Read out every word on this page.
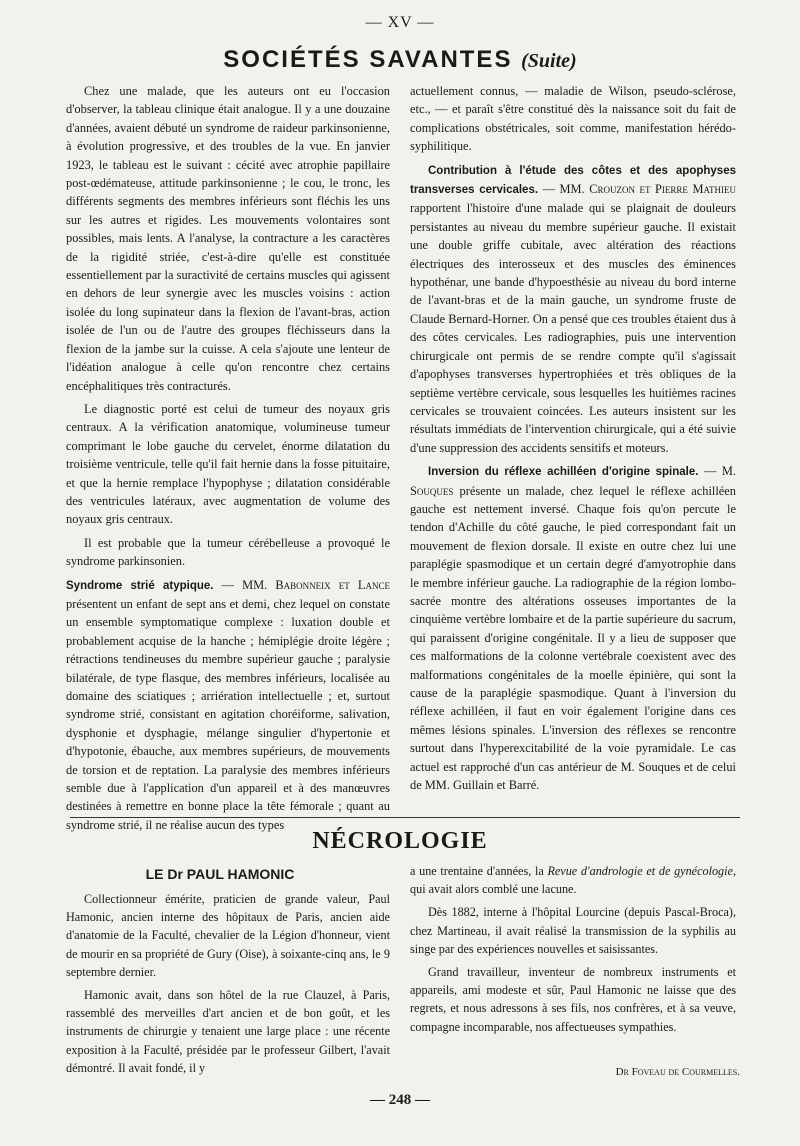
— XV —
SOCIÉTÉS SAVANTES (Suite)

Chez une malade, que les auteurs ont eu l'occasion d'observer, la tableau clinique était analogue. Il y a une douzaine d'années, avaient débuté un syndrome de raideur parkinsonienne, à évolution progressive, et des troubles de la vue. En janvier 1923, le tableau est le suivant : cécité avec atrophie papillaire post-œdémateuse, attitude parkinsonienne ; le cou, le tronc, les différents segments des membres inférieurs sont fléchis les uns sur les autres et rigides. Les mouvements volontaires sont possibles, mais lents. A l'analyse, la contracture a les caractères de la rigidité striée, c'est-à-dire qu'elle est constituée essentiellement par la suractivité de certains muscles qui agissent en dehors de leur synergie avec les muscles voisins : action isolée du long supinateur dans la flexion de l'avant-bras, action isolée de l'un ou de l'autre des groupes fléchisseurs dans la flexion de la jambe sur la cuisse. A cela s'ajoute une lenteur de l'idéation analogue à celle qu'on rencontre chez certains encéphalitiques très contracturés.

Le diagnostic porté est celui de tumeur des noyaux gris centraux. A la vérification anatomique, volumineuse tumeur comprimant le lobe gauche du cervelet, énorme dilatation du troisième ventricule, telle qu'il fait hernie dans la fosse pituitaire, et que la hernie remplace l'hypophyse ; dilatation considérable des ventricules latéraux, avec augmentation de volume des noyaux gris centraux.

Il est probable que la tumeur cérébelleuse a provoqué le syndrome parkinsonien.

Syndrome strié atypique. — MM. Babonneix et Lance présentent un enfant de sept ans et demi, chez lequel on constate un ensemble symptomatique complexe : luxation double et probablement acquise de la hanche ; hémiplégie droite légère ; rétractions tendineuses du membre supérieur gauche ; paralysie bilatérale, de type flasque, des membres inférieurs, localisée au domaine des sciatiques ; arriération intellectuelle ; et, surtout syndrome strié, consistant en agitation choréiforme, salivation, dysphonie et dysphagie, mélange singulier d'hypertonie et d'hypotonie, ébauche, aux membres supérieurs, de mouvements de torsion et de reptation. La paralysie des membres inférieurs semble due à l'application d'un appareil et à des manœuvres destinées à remettre en bonne place la tête fémorale ; quant au syndrome strié, il ne réalise aucun des types

actuellement connus, — maladie de Wilson, pseudo-sclérose, etc., — et paraît s'être constitué dès la naissance soit du fait de complications obstétricales, soit comme, manifestation hérédo-syphilitique.

Contribution à l'étude des côtes et des apophyses transverses cervicales. — MM. Crouzon et Pierre Mathieu rapportent l'histoire d'une malade qui se plaignait de douleurs persistantes au niveau du membre supérieur gauche. Il existait une double griffe cubitale, avec altération des réactions électriques des interosseux et des muscles des éminences hypothénar, une bande d'hypoesthésie au niveau du bord interne de l'avant-bras et de la main gauche, un syndrome fruste de Claude Bernard-Horner. On a pensé que ces troubles étaient dus à des côtes cervicales. Les radiographies, puis une intervention chirurgicale ont permis de se rendre compte qu'il s'agissait d'apophyses transverses hypertrophiées et très obliques de la septième vertèbre cervicale, sous lesquelles les huitièmes racines cervicales se trouvaient coincées. Les auteurs insistent sur les résultats immédiats de l'intervention chirurgicale, qui a été suivie d'une suppression des accidents sensitifs et moteurs.

Inversion du réflexe achilléen d'origine spinale. — M. Souques présente un malade, chez lequel le réflexe achilléen gauche est nettement inversé. Chaque fois qu'on percute le tendon d'Achille du côté gauche, le pied correspondant fait un mouvement de flexion dorsale. Il existe en outre chez lui une paraplégie spasmodique et un certain degré d'amyotrophie dans le membre inférieur gauche. La radiographie de la région lombo-sacrée montre des altérations osseuses importantes de la cinquième vertèbre lombaire et de la partie supérieure du sacrum, qui paraissent d'origine congénitale. Il y a lieu de supposer que ces malformations de la colonne vertébrale coexistent avec des malformations congénitales de la moelle épinière, qui sont la cause de la paraplégie spasmodique. Quant à l'inversion du réflexe achilléen, il faut en voir également l'origine dans ces mêmes lésions spinales. L'inversion des réflexes se rencontre surtout dans l'hyperexcitabilité de la voie pyramidale. Le cas actuel est rapproché d'un cas antérieur de M. Souques et de celui de MM. Guillain et Barré.

NÉCROLOGIE
LE Dr PAUL HAMONIC

Collectionneur émérite, praticien de grande valeur, Paul Hamonic, ancien interne des hôpitaux de Paris, ancien aide d'anatomie de la Faculté, chevalier de la Légion d'honneur, vient de mourir en sa propriété de Gury (Oise), à soixante-cinq ans, le 9 septembre dernier.

Hamonic avait, dans son hôtel de la rue Clauzel, à Paris, rassemblé des merveilles d'art ancien et de bon goût, et les instruments de chirurgie y tenaient une large place : une récente exposition à la Faculté, présidée par le professeur Gilbert, l'avait démontré. Il avait fondé, il y

a une trentaine d'années, la Revue d'andrologie et de gynécologie, qui avait alors comblé une lacune.

Dès 1882, interne à l'hôpital Lourcine (depuis Pascal-Broca), chez Martineau, il avait réalisé la transmission de la syphilis au singe par des expériences nouvelles et saisissantes.

Grand travailleur, inventeur de nombreux instruments et appareils, ami modeste et sûr, Paul Hamonic ne laisse que des regrets, et nous adressons à ses fils, nos confrères, et à sa veuve, compagne incomparable, nos affectueuses sympathies.

Dr Foveau de Courmelles.
— 248 —
